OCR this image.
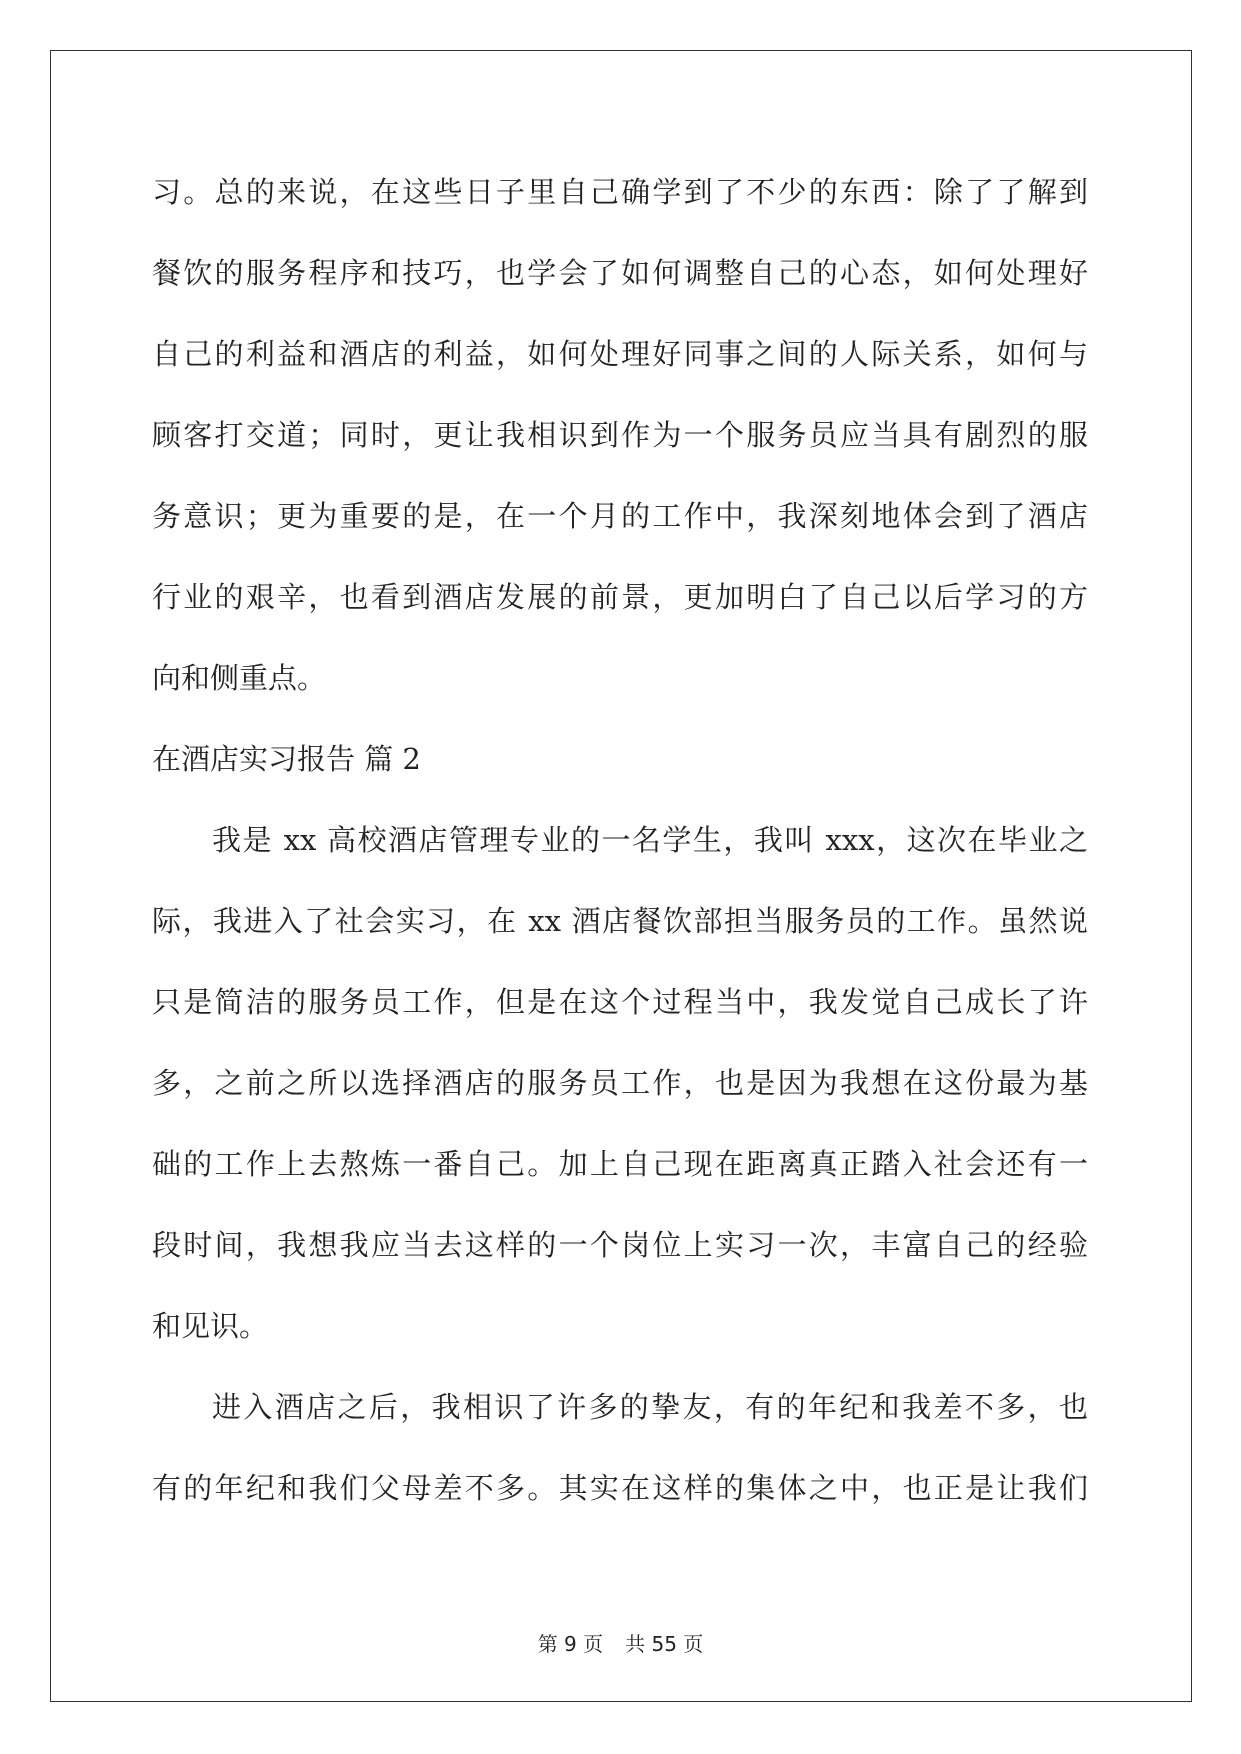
习。总的来说，在这些日子里自己确学到了不少的东西：除了了解到
餐饮的服务程序和技巧，也学会了如何调整自己的心态，如何处理好
自己的利益和酒店的利益，如何处理好同事之间的人际关系，如何与
顾客打交道；同时，更让我相识到作为一个服务员应当具有剧烈的服
务意识；更为重要的是，在一个月的工作中，我深刻地体会到了酒店
行业的艰辛，也看到酒店发展的前景，更加明白了自己以后学习的方
向和侧重点。
在酒店实习报告 篇 2
我是 xx 高校酒店管理专业的一名学生，我叫 xxx，这次在毕业之
际，我进入了社会实习，在 xx 酒店餐饮部担当服务员的工作。虽然说
只是简洁的服务员工作，但是在这个过程当中，我发觉自己成长了许
多，之前之所以选择酒店的服务员工作，也是因为我想在这份最为基
础的工作上去熬炼一番自己。加上自己现在距离真正踏入社会还有一
段时间，我想我应当去这样的一个岗位上实习一次，丰富自己的经验
和见识。
进入酒店之后，我相识了许多的挚友，有的年纪和我差不多，也
有的年纪和我们父母差不多。其实在这样的集体之中，也正是让我们
第 9 页 共 55 页
